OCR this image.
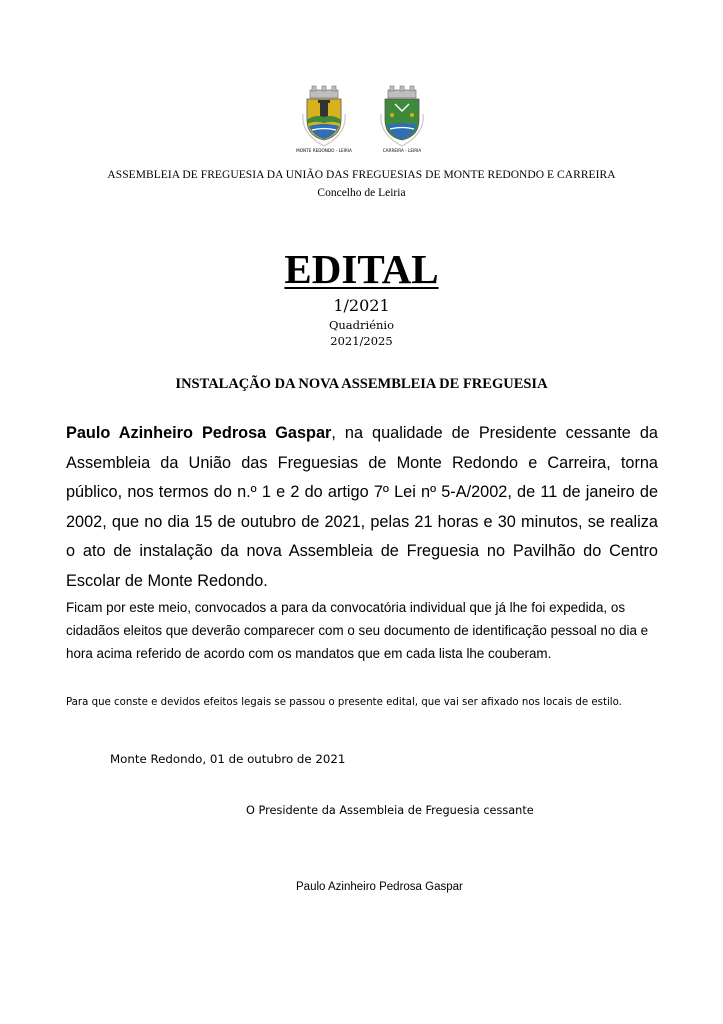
MONTE REDONDO - LEIRIA	CARREIRA - LEIRIA
ASSEMBLEIA DE FREGUESIA DA UNIÃO DAS FREGUESIAS DE MONTE REDONDO E CARREIRA
Concelho de Leiria
EDITAL
1/2021
Quadriénio
2021/2025
INSTALAÇÃO DA NOVA ASSEMBLEIA DE FREGUESIA
Paulo Azinheiro Pedrosa Gaspar, na qualidade de Presidente cessante da Assembleia da União das Freguesias de Monte Redondo e Carreira, torna público, nos termos do n.º 1 e 2 do artigo 7º Lei nº 5-A/2002, de 11 de janeiro de 2002, que no dia 15 de outubro de 2021, pelas 21 horas e 30 minutos, se realiza o ato de instalação da nova Assembleia de Freguesia no Pavilhão do Centro Escolar de Monte Redondo.
Ficam por este meio, convocados a para da convocatória individual que já lhe foi expedida, os cidadãos eleitos que deverão comparecer com o seu documento de identificação pessoal no dia e hora acima referido de acordo com os mandatos que em cada lista lhe couberam.
Para que conste e devidos efeitos legais se passou o presente edital, que vai ser afixado nos locais de estilo.
Monte Redondo, 01 de outubro de 2021
O Presidente da Assembleia de Freguesia cessante
Paulo Azinheiro Pedrosa Gaspar
